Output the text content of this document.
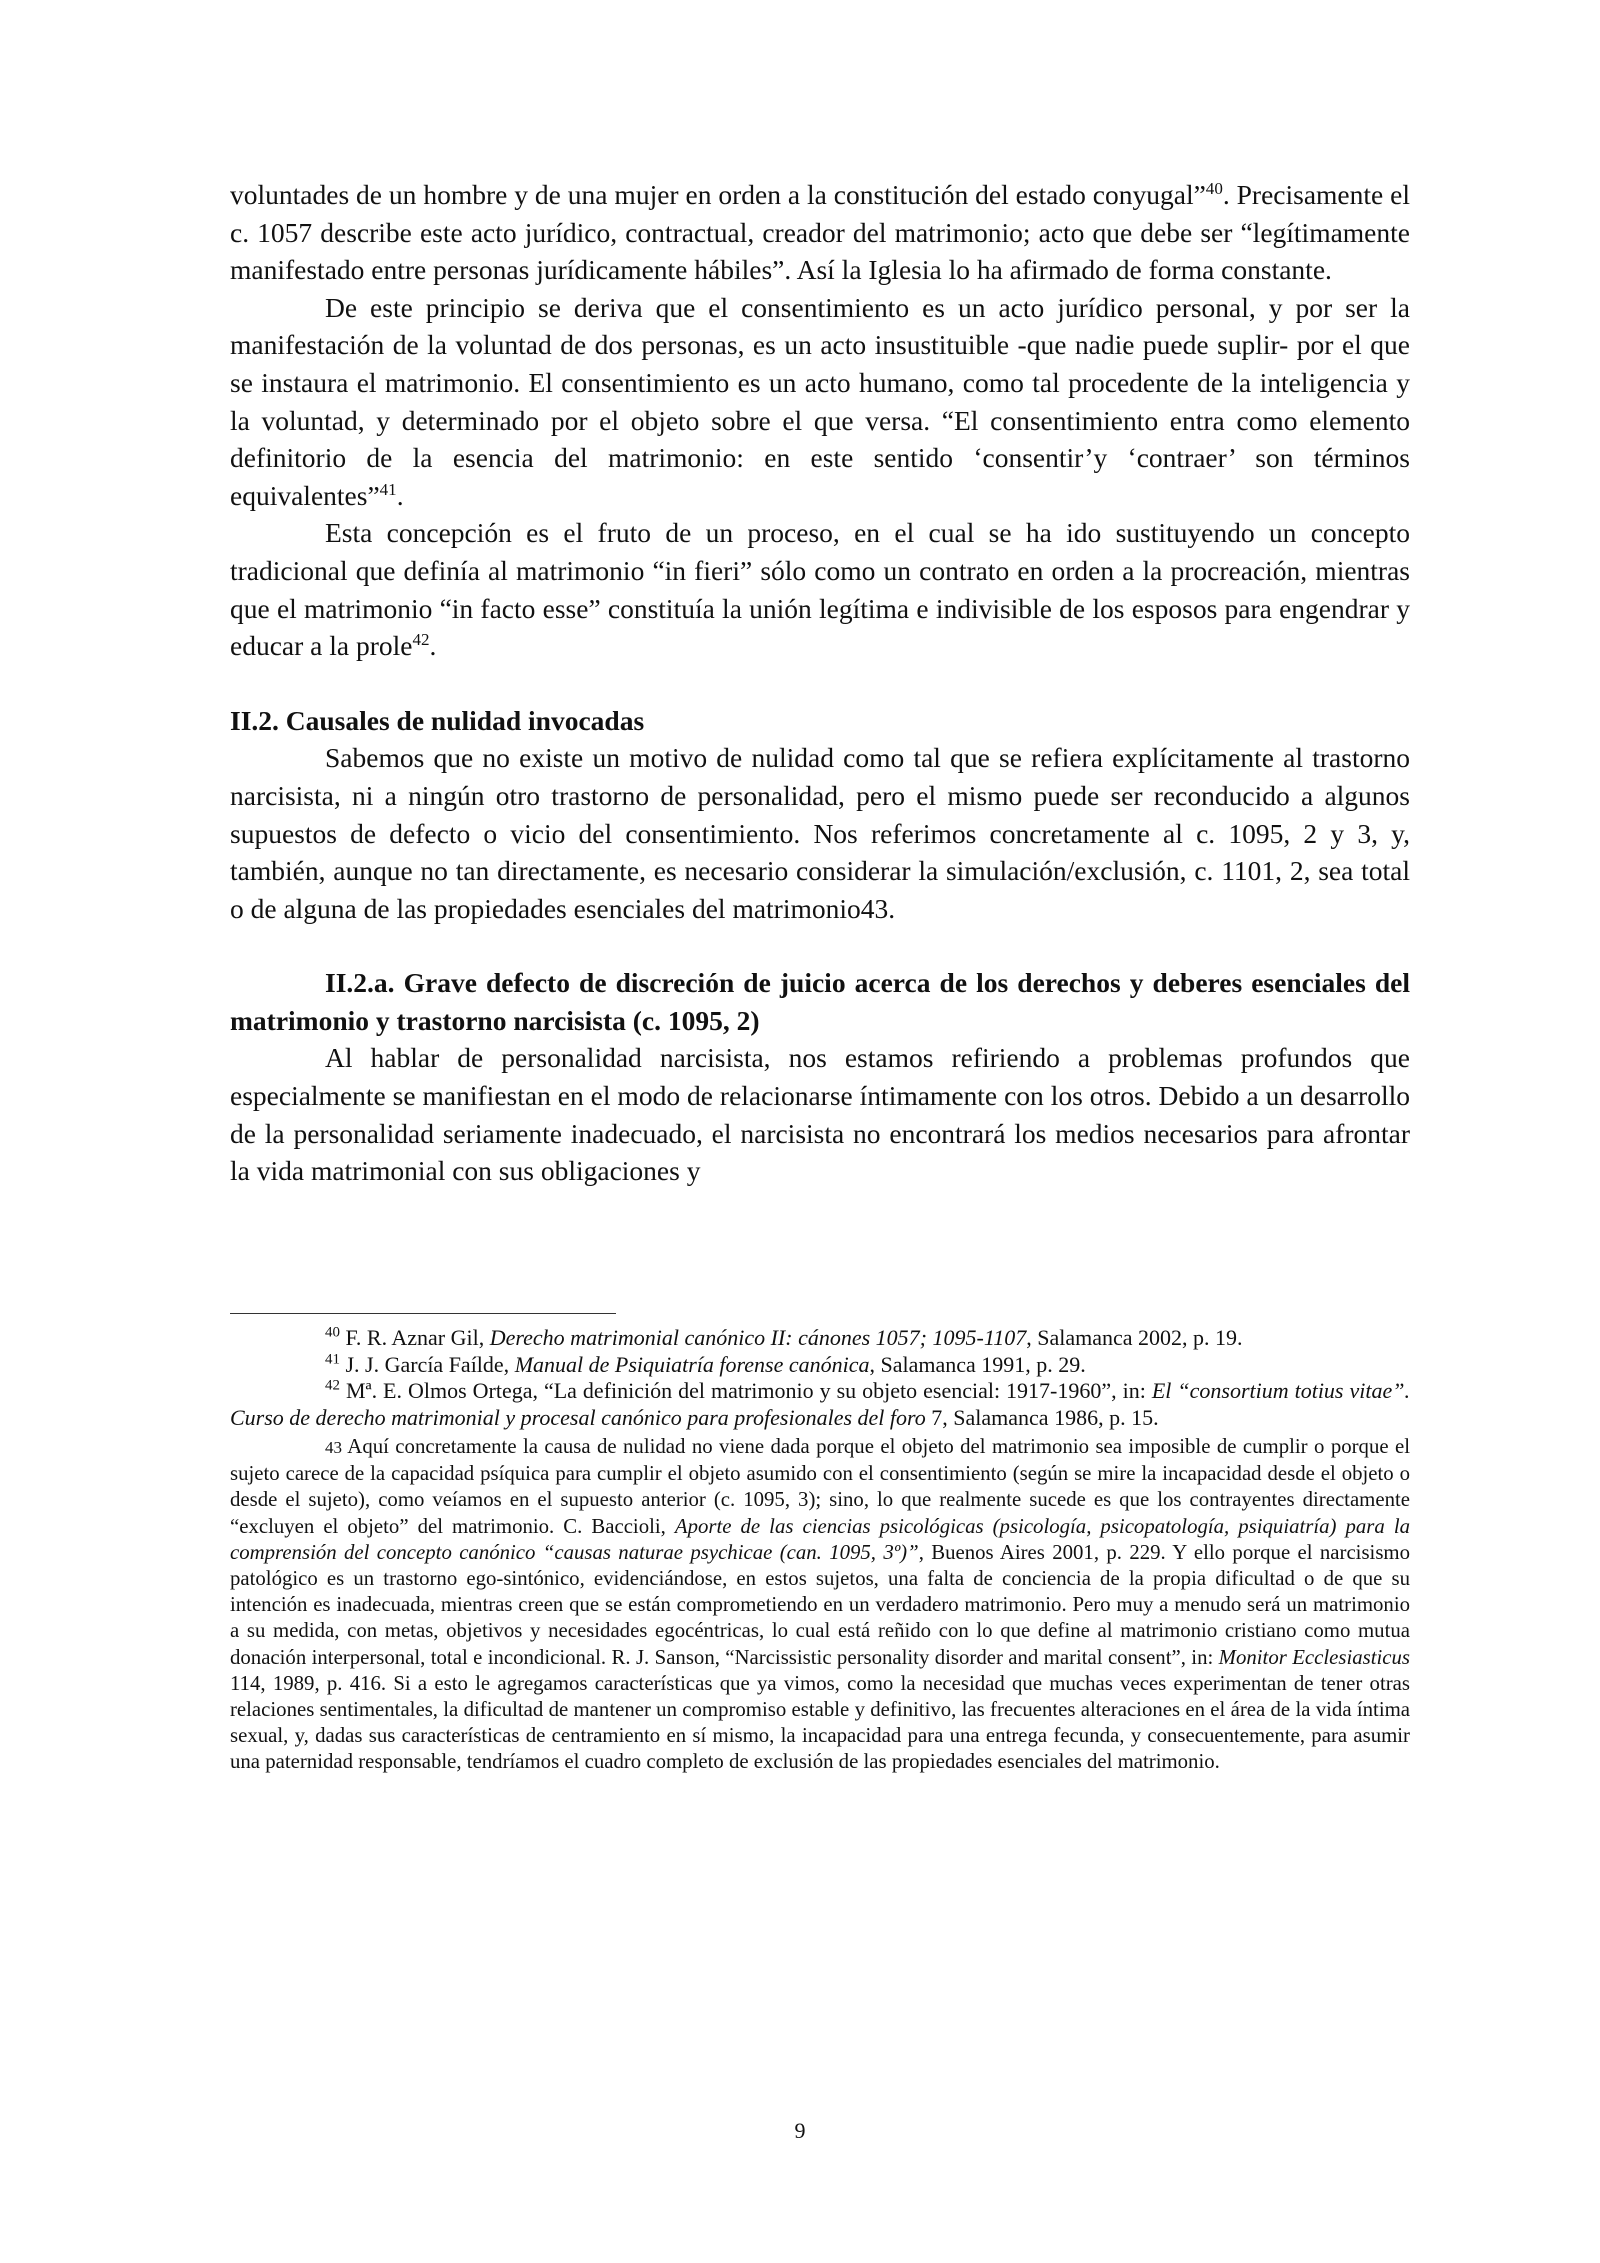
voluntades de un hombre y de una mujer en orden a la constitución del estado conyugal”$^{40}$. Precisamente el c. 1057 describe este acto jurídico, contractual, creador del matrimonio; acto que debe ser “legítimamente manifestado entre personas jurídicamente hábiles”. Así la Iglesia lo ha afirmado de forma constante.

De este principio se deriva que el consentimiento es un acto jurídico personal, y por ser la manifestación de la voluntad de dos personas, es un acto insustituible -que nadie puede suplir- por el que se instaura el matrimonio. El consentimiento es un acto humano, como tal procedente de la inteligencia y la voluntad, y determinado por el objeto sobre el que versa. “El consentimiento entra como elemento definitorio de la esencia del matrimonio: en este sentido ‘consentir’y ‘contraer’ son términos equivalentes”$^{41}$.

Esta concepción es el fruto de un proceso, en el cual se ha ido sustituyendo un concepto tradicional que definía al matrimonio “in fieri” sólo como un contrato en orden a la procreación, mientras que el matrimonio “in facto esse” constituía la unión legítima e indivisible de los esposos para engendrar y educar a la prole$^{42}$.

II.2. Causales de nulidad invocadas

Sabemos que no existe un motivo de nulidad como tal que se refiera explícitamente al trastorno narcisista, ni a ningún otro trastorno de personalidad, pero el mismo puede ser reconducido a algunos supuestos de defecto o vicio del consentimiento. Nos referimos concretamente al c. 1095, 2 y 3, y, también, aunque no tan directamente, es necesario considerar la simulación/exclusión, c. 1101, 2, sea total o de alguna de las propiedades esenciales del matrimonio43.

II.2.a. Grave defecto de discreción de juicio acerca de los derechos y deberes esenciales del matrimonio y trastorno narcisista (c. 1095, 2)

Al hablar de personalidad narcisista, nos estamos refiriendo a problemas profundos que especialmente se manifiestan en el modo de relacionarse íntimamente con los otros. Debido a un desarrollo de la personalidad seriamente inadecuado, el narcisista no encontrará los medios necesarios para afrontar la vida matrimonial con sus obligaciones y

$^{40}$ F. R. Aznar Gil, Derecho matrimonial canónico II: cánones 1057; 1095-1107, Salamanca 2002, p. 19.

$^{41}$ J. J. García Faílde, Manual de Psiquiatría forense canónica, Salamanca 1991, p. 29.

$^{42}$ Mª. E. Olmos Ortega, “La definición del matrimonio y su objeto esencial: 1917-1960”, in: El “consortium totius vitae”. Curso de derecho matrimonial y procesal canónico para profesionales del foro 7, Salamanca 1986, p. 15.

43 Aquí concretamente la causa de nulidad no viene dada porque el objeto del matrimonio sea imposible de cumplir o porque el sujeto carece de la capacidad psíquica para cumplir el objeto asumido con el consentimiento (según se mire la incapacidad desde el objeto o desde el sujeto), como veíamos en el supuesto anterior (c. 1095, 3); sino, lo que realmente sucede es que los contrayentes directamente “excluyen el objeto” del matrimonio. C. Baccioli, Aporte de las ciencias psicológicas (psicología, psicopatología, psiquiatría) para la comprensión del concepto canónico “causas naturae psychicae (can. 1095, 3º)”, Buenos Aires 2001, p. 229. Y ello porque el narcisismo patológico es un trastorno ego-sintónico, evidenciándose, en estos sujetos, una falta de conciencia de la propia dificultad o de que su intención es inadecuada, mientras creen que se están comprometiendo en un verdadero matrimonio. Pero muy a menudo será un matrimonio a su medida, con metas, objetivos y necesidades egocéntricas, lo cual está reñido con lo que define al matrimonio cristiano como mutua donación interpersonal, total e incondicional. R. J. Sanson, “Narcissistic personality disorder and marital consent”, in: Monitor Ecclesiasticus 114, 1989, p. 416. Si a esto le agregamos características que ya vimos, como la necesidad que muchas veces experimentan de tener otras relaciones sentimentales, la dificultad de mantener un compromiso estable y definitivo, las frecuentes alteraciones en el área de la vida íntima sexual, y, dadas sus características de centramiento en sí mismo, la incapacidad para una entrega fecunda, y consecuentemente, para asumir una paternidad responsable, tendríamos el cuadro completo de exclusión de las propiedades esenciales del matrimonio.

9
